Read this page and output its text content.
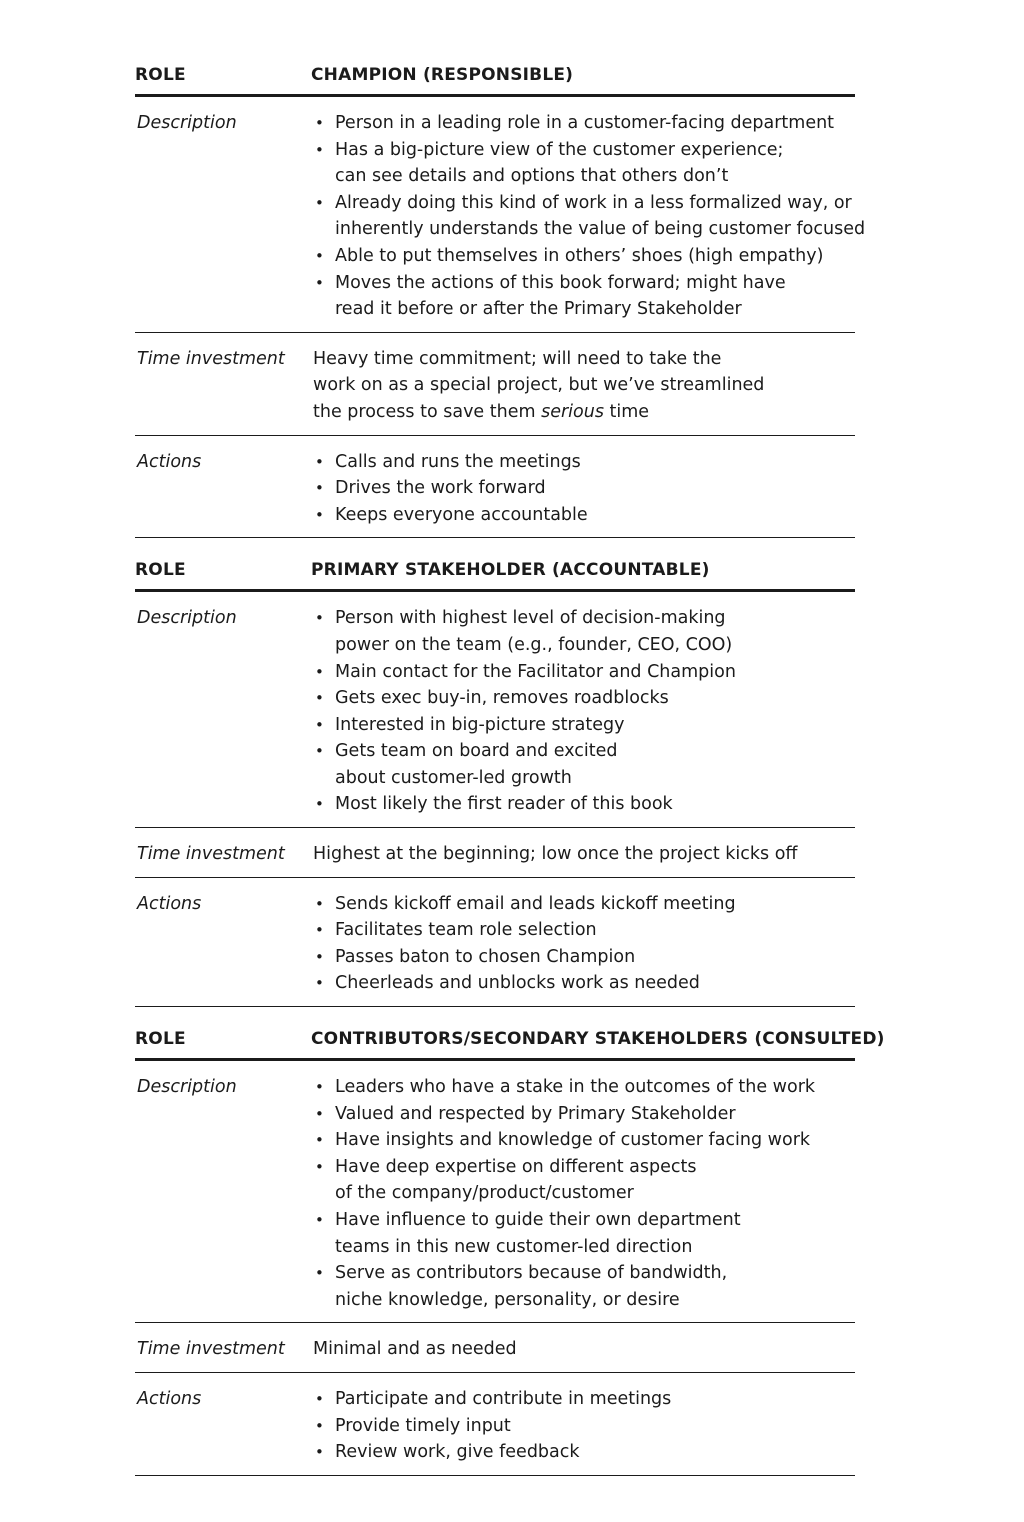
ROLE	CHAMPION (RESPONSIBLE)
Description	• Person in a leading role in a customer-facing department
• Has a big-picture view of the customer experience;
can see details and options that others don’t
• Already doing this kind of work in a less formalized way, or
inherently understands the value of being customer focused
• Able to put themselves in others’ shoes (high empathy)
• Moves the actions of this book forward; might have
read it before or after the Primary Stakeholder
Time investment	Heavy time commitment; will need to take the
work on as a special project, but we’ve streamlined
the process to save them serious time
Actions	• Calls and runs the meetings
• Drives the work forward
• Keeps everyone accountable
ROLE	PRIMARY STAKEHOLDER (ACCOUNTABLE)
Description	• Person with highest level of decision-making
power on the team (e.g., founder, CEO, COO)
• Main contact for the Facilitator and Champion
• Gets exec buy-in, removes roadblocks
• Interested in big-picture strategy
• Gets team on board and excited
about customer-led growth
• Most likely the first reader of this book
Time investment	Highest at the beginning; low once the project kicks off
Actions	• Sends kickoff email and leads kickoff meeting
• Facilitates team role selection
• Passes baton to chosen Champion
• Cheerleads and unblocks work as needed
ROLE	CONTRIBUTORS/SECONDARY STAKEHOLDERS (CONSULTED)
Description	• Leaders who have a stake in the outcomes of the work
• Valued and respected by Primary Stakeholder
• Have insights and knowledge of customer facing work
• Have deep expertise on different aspects
of the company/product/customer
• Have influence to guide their own department
teams in this new customer-led direction
• Serve as contributors because of bandwidth,
niche knowledge, personality, or desire
Time investment	Minimal and as needed
Actions	• Participate and contribute in meetings
• Provide timely input
• Review work, give feedback
